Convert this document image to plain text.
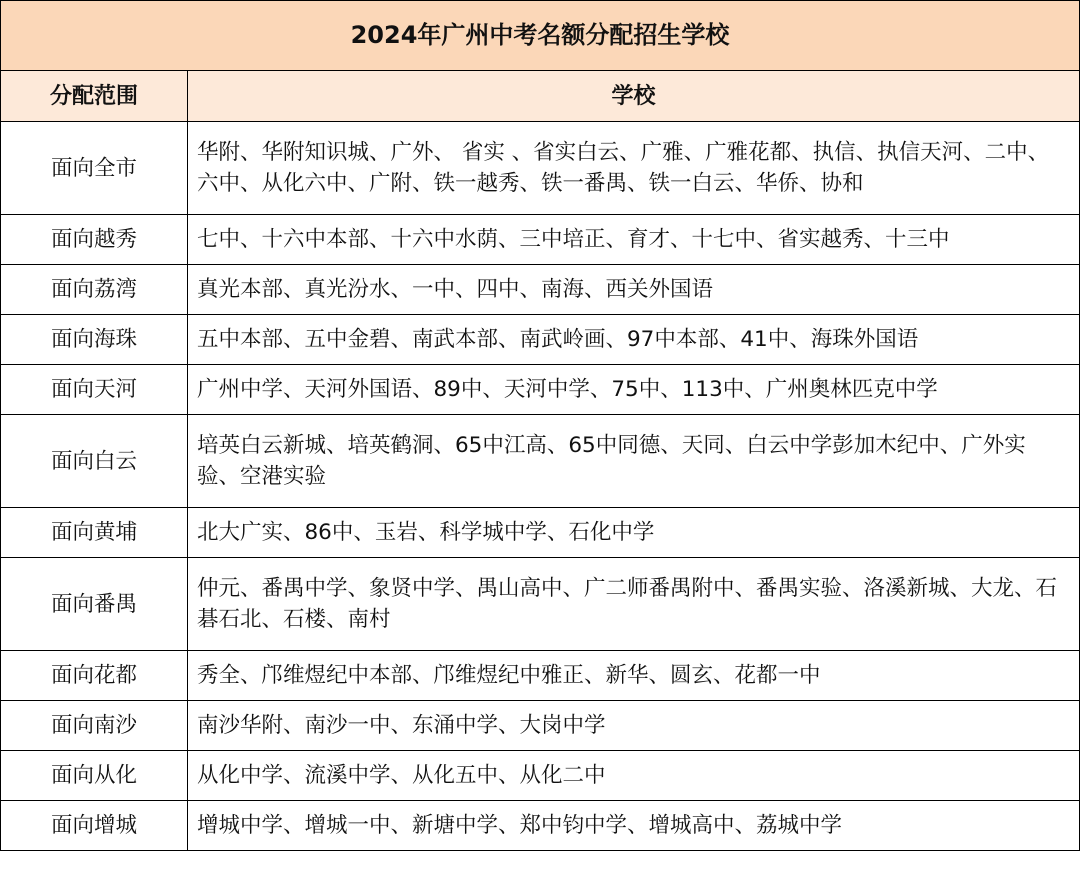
2024年广州中考名额分配招生学校	
分配范围	学校
面向全市	华附、华附知识城、广外、 省实 、省实白云、广雅、广雅花都、执信、执信天河、二中、六中、从化六中、广附、铁一越秀、铁一番禺、铁一白云、华侨、协和
面向越秀	七中、十六中本部、十六中水荫、三中培正、育才、十七中、省实越秀、十三中
面向荔湾	真光本部、真光汾水、一中、四中、南海、西关外国语
面向海珠	五中本部、五中金碧、南武本部、南武岭画、97中本部、41中、海珠外国语
面向天河	广州中学、天河外国语、89中、天河中学、75中、113中、广州奥林匹克中学
面向白云	培英白云新城、培英鹤洞、65中江高、65中同德、天同、白云中学彭加木纪中、广外实验、空港实验
面向黄埔	北大广实、86中、玉岩、科学城中学、石化中学
面向番禺	仲元、番禺中学、象贤中学、禺山高中、广二师番禺附中、番禺实验、洛溪新城、大龙、石碁石北、石楼、南村
面向花都	秀全、邝维煜纪中本部、邝维煜纪中雅正、新华、圆玄、花都一中
面向南沙	南沙华附、南沙一中、东涌中学、大岗中学
面向从化	从化中学、流溪中学、从化五中、从化二中
面向增城	增城中学、增城一中、新塘中学、郑中钧中学、增城高中、荔城中学
